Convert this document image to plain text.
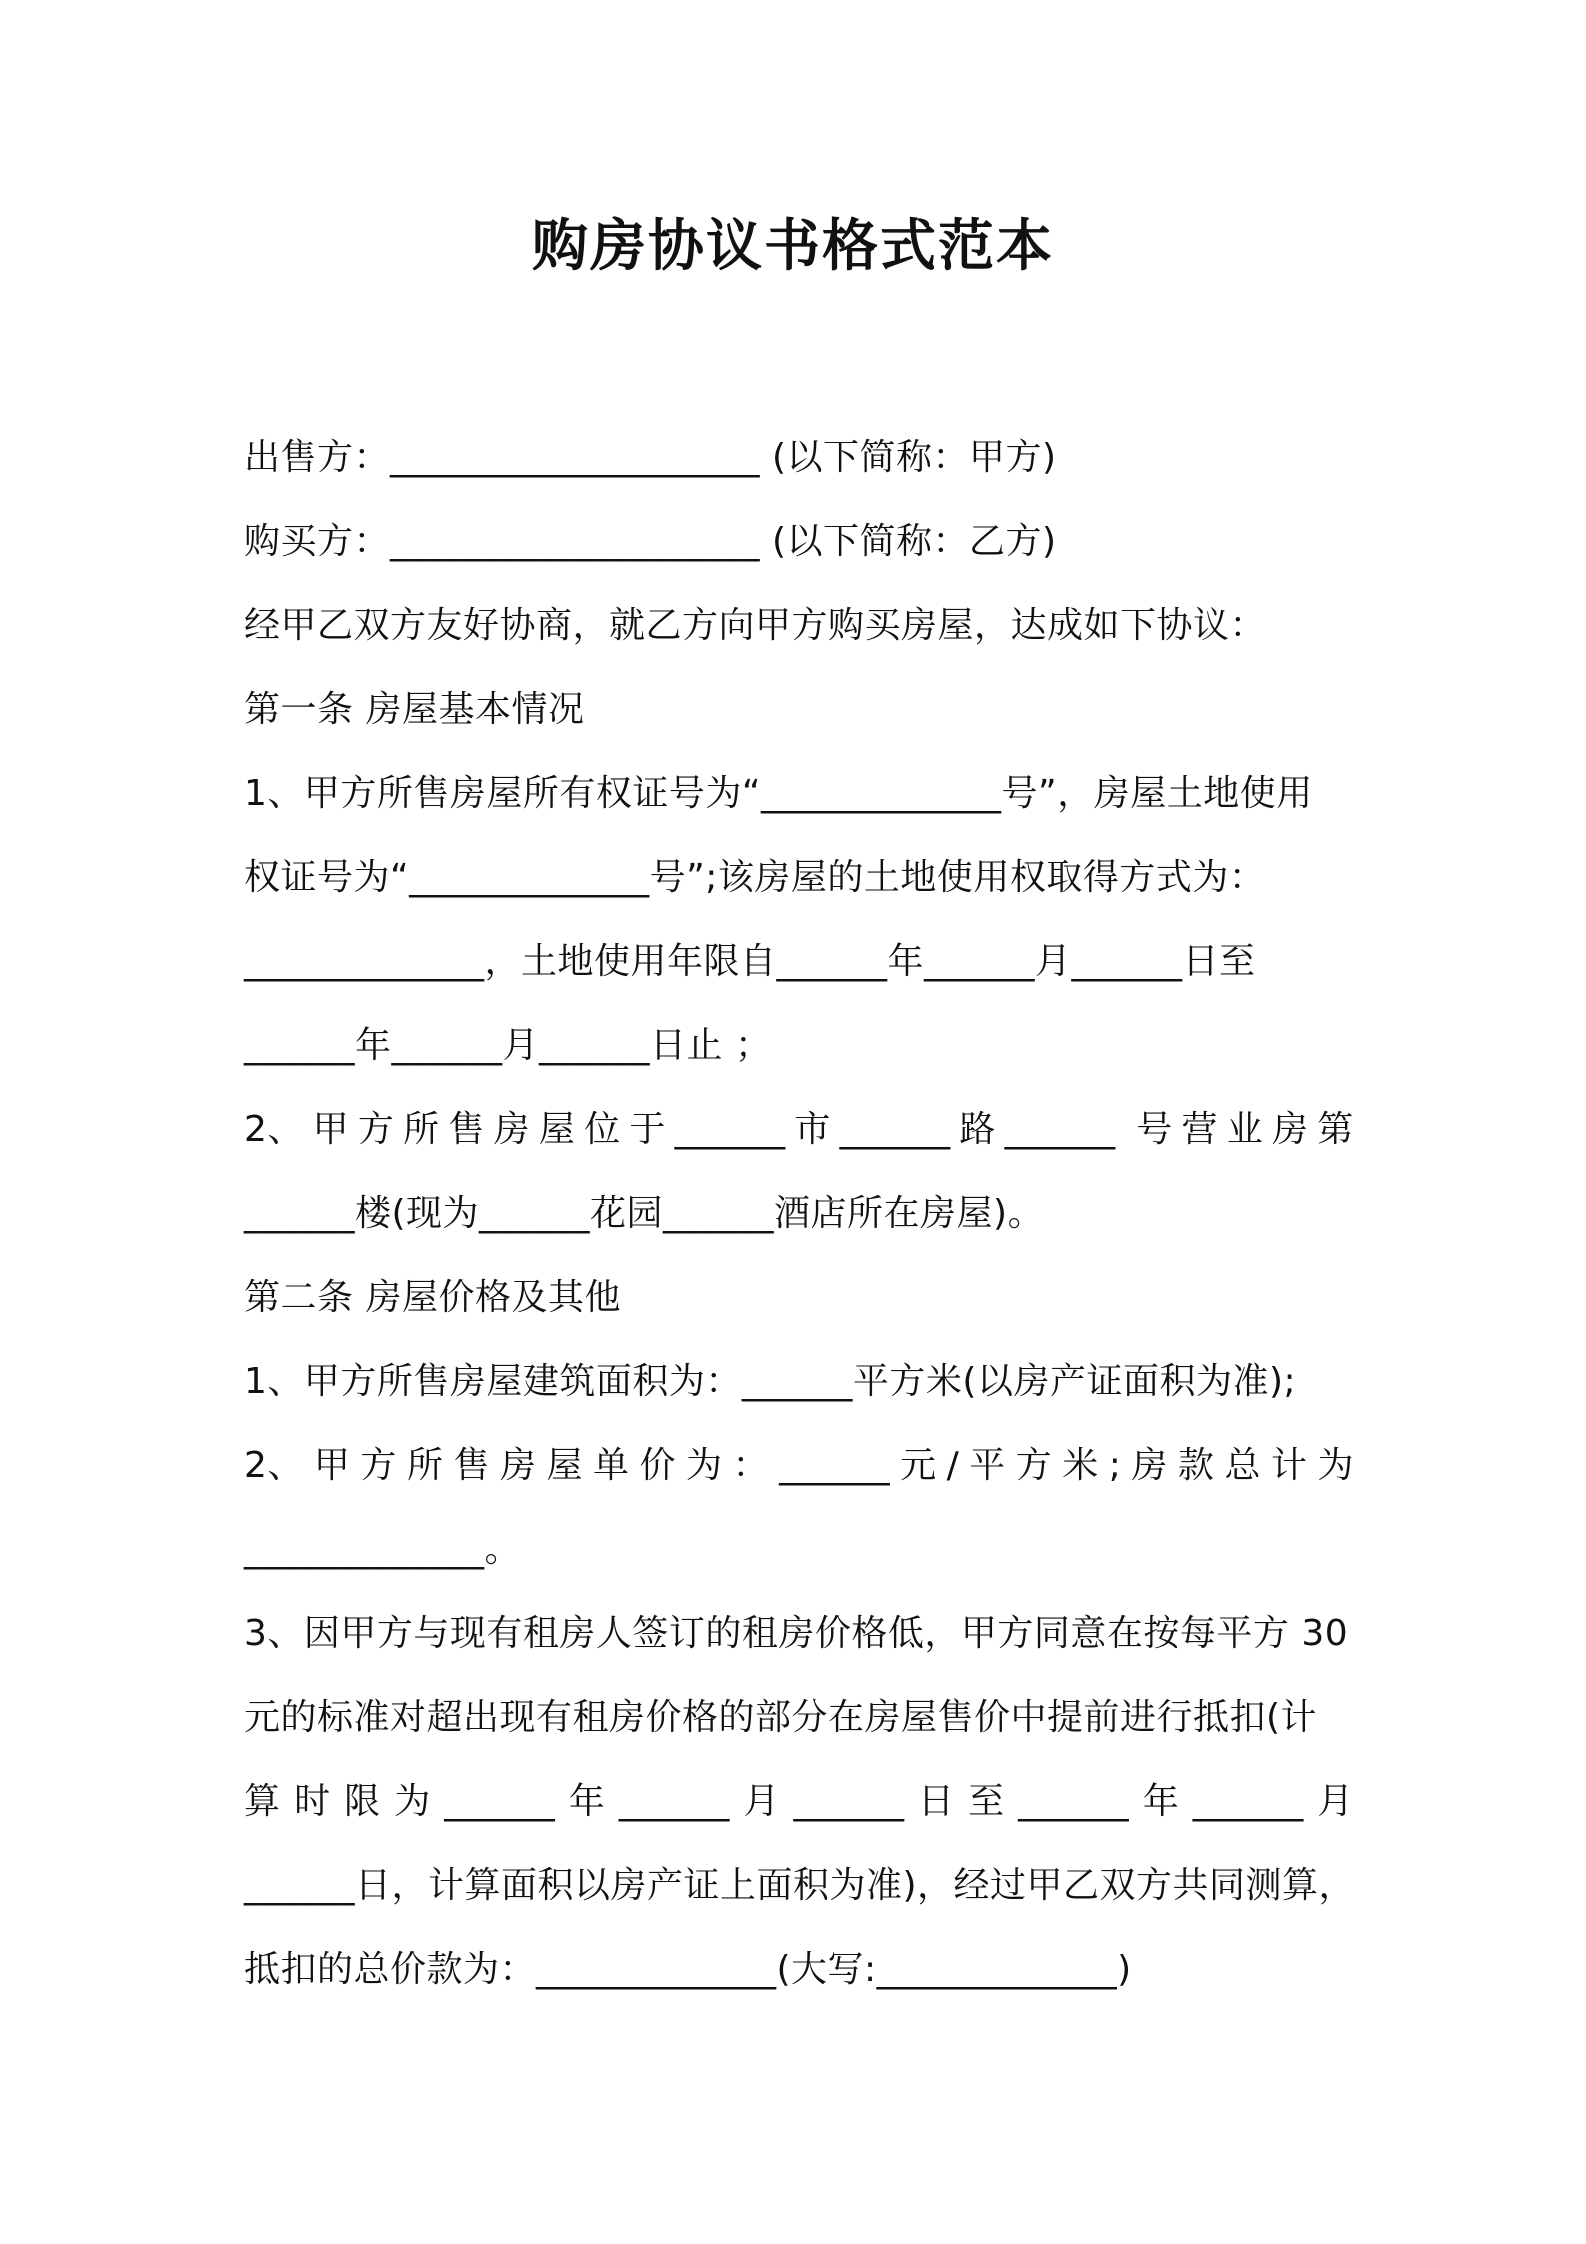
购房协议书格式范本
出售方：____________________ (以下简称：甲方)
购买方：____________________ (以下简称：乙方)
经甲乙双方友好协商，就乙方向甲方购买房屋，达成如下协议：
第一条 房屋基本情况
1、甲方所售房屋所有权证号为“_____________号”，房屋土地使用
权证号为“_____________号”;该房屋的土地使用权取得方式为：
_____________，土地使用年限自______年______月______日至
______年______月______日止 ；
2、 甲 方 所 售 房 屋 位 于 ______ 市 ______ 路 ______ 号 营 业 房 第
______楼(现为______花园______酒店所在房屋)。
第二条 房屋价格及其他
1、甲方所售房屋建筑面积为：______平方米(以房产证面积为准);
2、 甲 方 所 售 房 屋 单 价 为 ： ______ 元 / 平 方 米 ; 房 款 总 计 为
_____________。
3、因甲方与现有租房人签订的租房价格低，甲方同意在按每平方 30
元的标准对超出现有租房价格的部分在房屋售价中提前进行抵扣(计
算 时 限 为 ______ 年 ______ 月 ______ 日 至 ______ 年 ______ 月
______日，计算面积以房产证上面积为准)，经过甲乙双方共同测算，
抵扣的总价款为：_____________(大写:_____________)
